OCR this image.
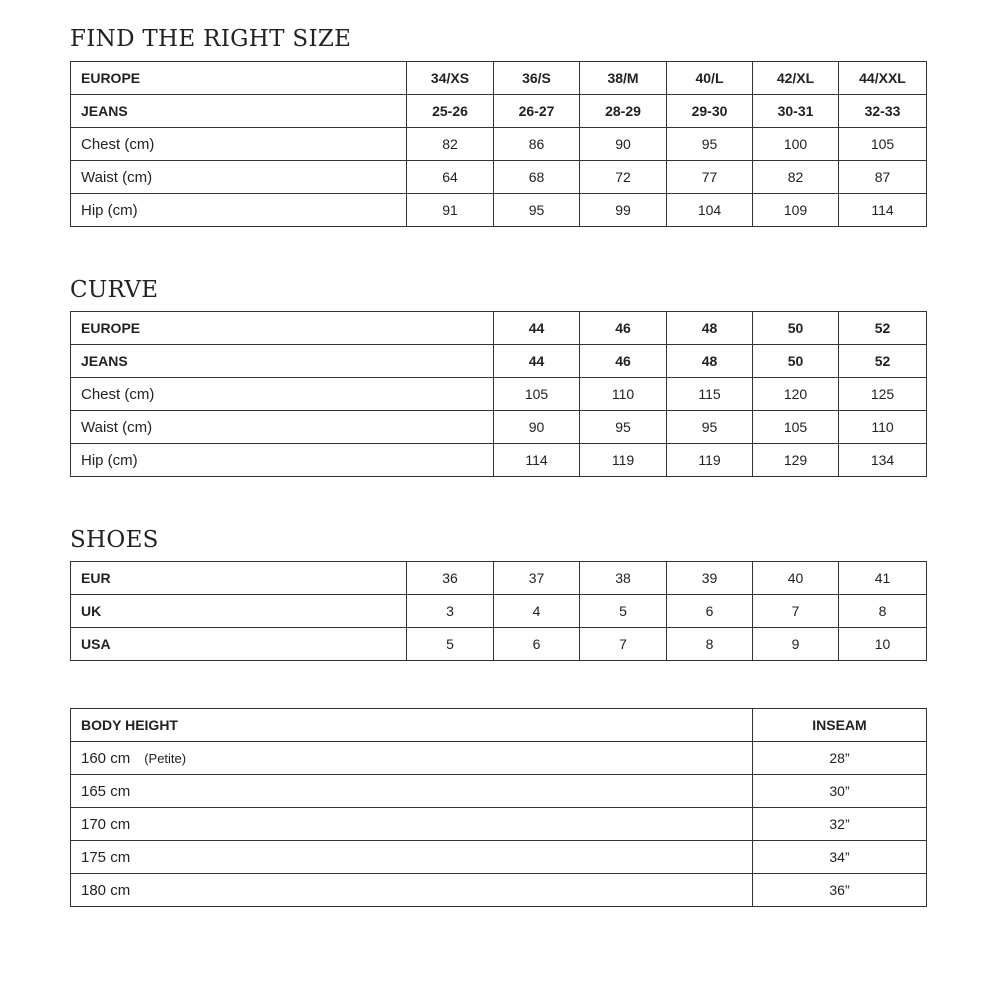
FIND THE RIGHT SIZE
EUROPE	34/XS	36/S	38/M	40/L	42/XL	44/XXL
JEANS	25-26	26-27	28-29	29-30	30-31	32-33
Chest (cm)	82	86	90	95	100	105
Waist (cm)	64	68	72	77	82	87
Hip (cm)	91	95	99	104	109	114
CURVE
EUROPE	44	46	48	50	52
JEANS	44	46	48	50	52
Chest (cm)	105	110	115	120	125
Waist (cm)	90	95	95	105	110
Hip (cm)	114	119	119	129	134
SHOES
EUR	36	37	38	39	40	41
UK	3	4	5	6	7	8
USA	5	6	7	8	9	10
BODY HEIGHT	INSEAM
160 cm (Petite)	28”
165 cm	30”
170 cm	32”
175 cm	34”
180 cm	36”
